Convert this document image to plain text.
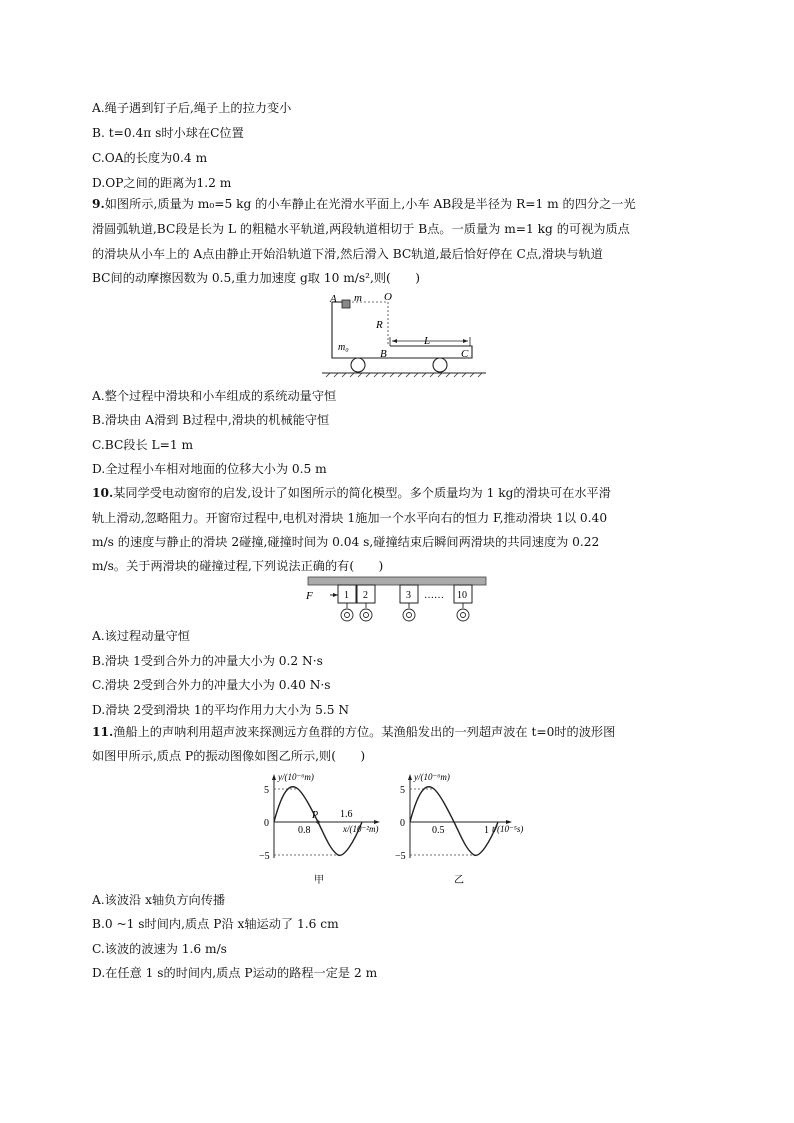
A.绳子遇到钉子后,绳子上的拉力变小
B. t=0.4π s时小球在C位置
C.OA的长度为0.4 m
D.OP之间的距离为1.2 m
9.如图所示,质量为 m₀=5 kg 的小车静止在光滑水平面上,小车 AB段是半径为 R=1 m 的四分之一光
滑圆弧轨道,BC段是长为 L 的粗糙水平轨道,两段轨道相切于 B点。一质量为 m=1 kg 的可视为质点
的滑块从小车上的 A点由静止开始沿轨道下滑,然后滑入 BC轨道,最后恰好停在 C点,滑块与轨道
BC间的动摩擦因数为 0.5,重力加速度 g取 10 m/s²,则(　　)
A m O
R
L
m₀
B	C
A.整个过程中滑块和小车组成的系统动量守恒
B.滑块由 A滑到 B过程中,滑块的机械能守恒
C.BC段长 L=1 m
D.全过程小车相对地面的位移大小为 0.5 m
10.某同学受电动窗帘的启发,设计了如图所示的简化模型。多个质量均为 1 kg的滑块可在水平滑
轨上滑动,忽略阻力。开窗帘过程中,电机对滑块 1施加一个水平向右的恒力 F,推动滑块 1以 0.40
m/s 的速度与静止的滑块 2碰撞,碰撞时间为 0.04 s,碰撞结束后瞬间两滑块的共同速度为 0.22
m/s。关于两滑块的碰撞过程,下列说法正确的有(　　)
F	1 2	3 …… 10
A.该过程动量守恒
B.滑块 1受到合外力的冲量大小为 0.2 N·s
C.滑块 2受到合外力的冲量大小为 0.40 N·s
D.滑块 2受到滑块 1的平均作用力大小为 5.5 N
11.渔船上的声呐利用超声波来探测远方鱼群的方位。某渔船发出的一列超声波在 t=0时的波形图
如图甲所示,质点 P的振动图像如图乙所示,则(　　)
y/(10⁻⁶m)
x/(10⁻²m)
5
0
−5
P 1.6
0.8
甲
y/(10⁻⁶m)
t/(10⁻⁵s)
5
0
−5
0.5	1
乙
A.该波沿 x轴负方向传播
B.0 ~1 s时间内,质点 P沿 x轴运动了 1.6 cm
C.该波的波速为 1.6 m/s
D.在任意 1 s的时间内,质点 P运动的路程一定是 2 m
